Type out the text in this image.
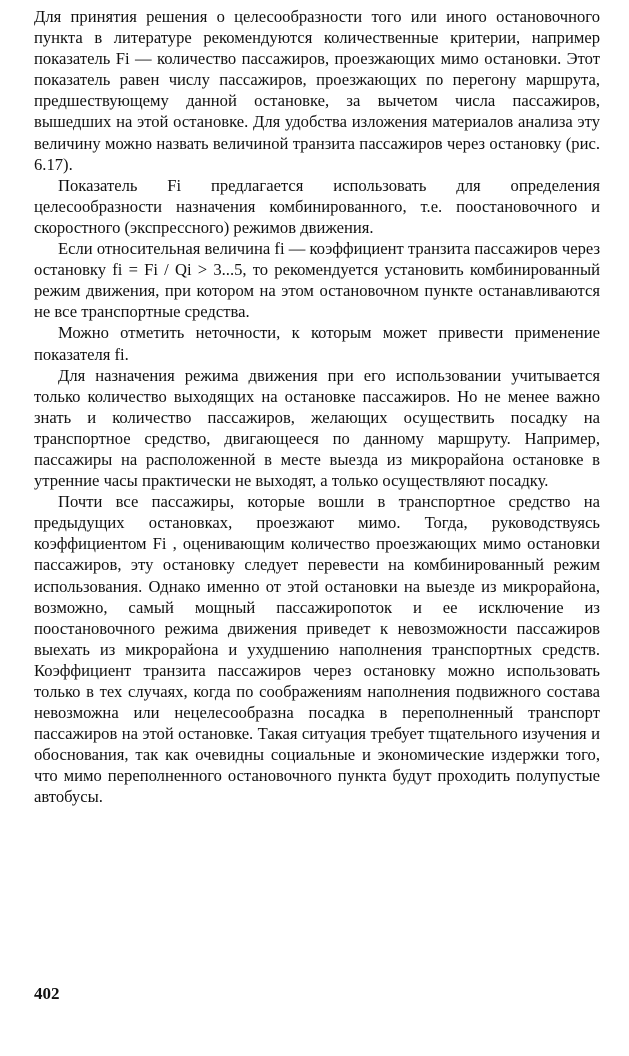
Для принятия решения о целесообразности того или иного остановочного пункта в литературе рекомендуются количественные критерии, например показатель Fi — количество пассажиров, проезжающих мимо остановки. Этот показатель равен числу пассажиров, проезжающих по перегону маршрута, предшествующему данной остановке, за вычетом числа пассажиров, вышедших на этой остановке. Для удобства изложения материалов анализа эту величину можно назвать величиной транзита пассажиров через остановку (рис. 6.17).

Показатель Fi предлагается использовать для определения целесообразности назначения комбинированного, т.е. поостановочного и скоростного (экспрессного) режимов движения.

Если относительная величина fi — коэффициент транзита пассажиров через остановку fi = Fi / Qi > 3...5, то рекомендуется установить комбинированный режим движения, при котором на этом остановочном пункте останавливаются не все транспортные средства.

Можно отметить неточности, к которым может привести применение показателя fi.

Для назначения режима движения при его использовании учитывается только количество выходящих на остановке пассажиров. Но не менее важно знать и количество пассажиров, желающих осуществить посадку на транспортное средство, двигающееся по данному маршруту. Например, пассажиры на расположенной в месте выезда из микрорайона остановке в утренние часы практически не выходят, а только осуществляют посадку.

Почти все пассажиры, которые вошли в транспортное средство на предыдущих остановках, проезжают мимо. Тогда, руководствуясь коэффициентом Fi , оценивающим количество проезжающих мимо остановки пассажиров, эту остановку следует перевести на комбинированный режим использования. Однако именно от этой остановки на выезде из микрорайона, возможно, самый мощный пассажиропоток и ее исключение из поостановочного режима движения приведет к невозможности пассажиров выехать из микрорайона и ухудшению наполнения транспортных средств. Коэффициент транзита пассажиров через остановку можно использовать только в тех случаях, когда по соображениям наполнения подвижного состава невозможна или нецелесообразна посадка в переполненный транспорт пассажиров на этой остановке. Такая ситуация требует тщательного изучения и обоснования, так как очевидны социальные и экономические издержки того, что мимо переполненного остановочного пункта будут проходить полупустые автобусы.

402
